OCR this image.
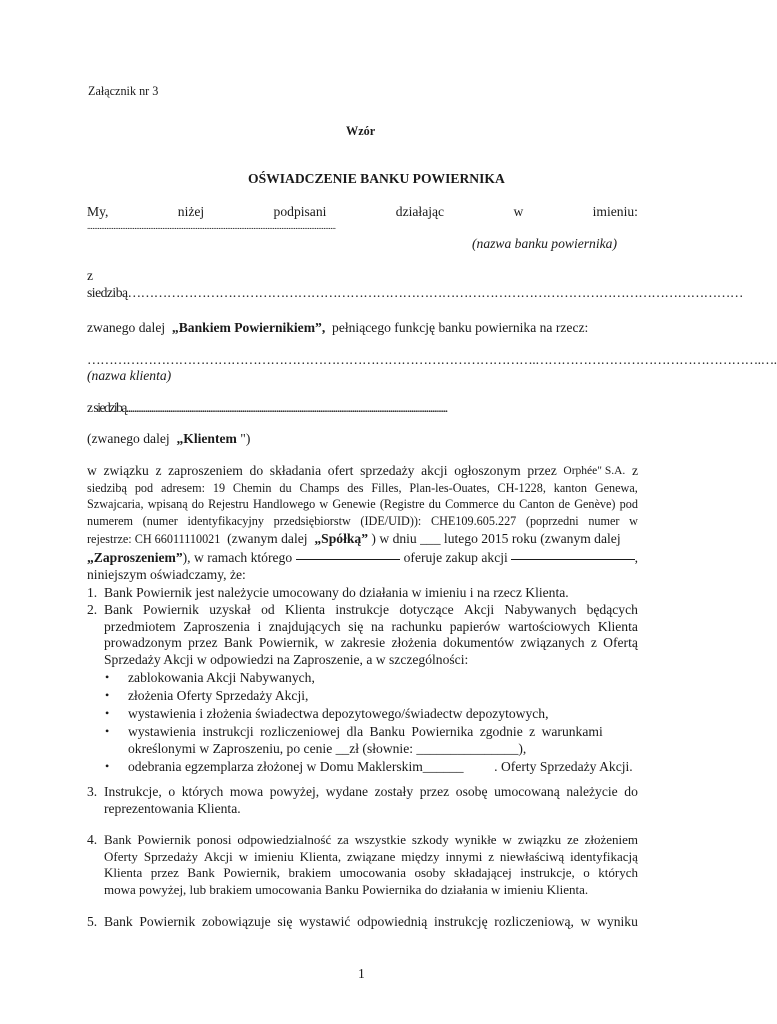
Załącznik nr 3
Wzór
OŚWIADCZENIE BANKU POWIERNIKA
My,	niżej	podpisani	działając	w	imieniu:
..............................................................................................................................................
(nazwa banku powiernika)
z
siedzibą……………………………………………………………………………………………………………………………
zwanego dalej „Bankiem Powiernikiem”, pełniącego funkcję banku powiernika na rzecz:
………………………………………………………………………………………….…………………………………………….….
(nazwa klienta)
z siedzibą.........................................................................................................................................................................
(zwanego dalej „Klientem ")
w związku z zaproszeniem do składania ofert sprzedaży akcji ogłoszonym przez Orphée" S.A. z
siedzibą pod adresem: 19 Chemin du Champs des Filles, Plan-les-Ouates, CH-1228, kanton Genewa,
Szwajcaria, wpisaną do Rejestru Handlowego w Genewie (Registre du Commerce du Canton de Genève) pod
numerem (numer identyfikacyjny przedsiębiorstw (IDE/UID)): CHE109.605.227 (poprzedni numer w
rejestrze: CH 66011110021 (zwanym dalej „Spółką” ) w dniu ___ lutego 2015 roku (zwanym dalej
„Zaproszeniem” ), w ramach którego

	oferuje zakup akcji
	,
niniejszym oświadczamy, że:
1. Bank Powiernik jest należycie umocowany do działania w imieniu i na rzecz Klienta.
2. Bank Powiernik uzyskał od Klienta instrukcje dotyczące Akcji Nabywanych będących
przedmiotem Zaproszenia i znajdujących się na rachunku papierów wartościowych Klienta
prowadzonym przez Bank Powiernik, w zakresie złożenia dokumentów związanych z Ofertą
Sprzedaży Akcji w odpowiedzi na Zaproszenie, a w szczególności:
•	zablokowania Akcji Nabywanych,
•	złożenia Oferty Sprzedaży Akcji,
•	wystawienia i złożenia świadectwa depozytowego/świadectw depozytowych,
•	wystawienia instrukcji rozliczeniowej dla Banku Powiernika zgodnie z warunkami
określonymi w Zaproszeniu, po cenie __zł (słownie: _______________),
•	odebrania egzemplarza złożonej w Domu Maklerskim______ . Oferty Sprzedaży Akcji.
3. Instrukcje, o których mowa powyżej, wydane zostały przez osobę umocowaną należycie do
reprezentowania Klienta.
4. Bank Powiernik ponosi odpowiedzialność za wszystkie szkody wynikłe w związku ze złożeniem
Oferty Sprzedaży Akcji w imieniu Klienta, związane między innymi z niewłaściwą identyfikacją
Klienta przez Bank Powiernik, brakiem umocowania osoby składającej instrukcje, o których
mowa powyżej, lub brakiem umocowania Banku Powiernika do działania w imieniu Klienta.
5. Bank Powiernik zobowiązuje się wystawić odpowiednią instrukcję rozliczeniową, w wyniku
1
